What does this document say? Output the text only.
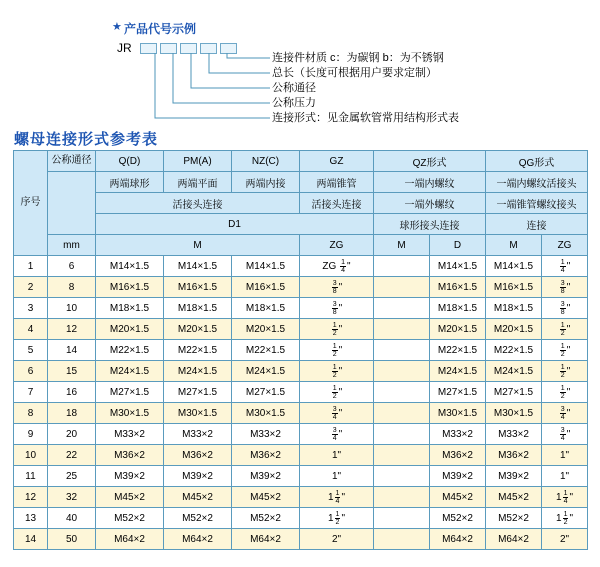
★ 产品代号示例
JR
连接件材质 c：为碳钢 b：为不锈钢
总长（长度可根据用户要求定制）
公称通径
公称压力
连接形式：见金属软管常用结构形式表
螺母连接形式参考表
序号	公称通径	Q(D)	PM(A)	NZ(C)	GZ	QZ形式		QG形式	
		两端球形	两端平面	两端内接	两端锥管	一端内螺纹		一端内螺纹活接头	
		活接头连接			活接头连接	一端外螺纹		一端锥管螺纹接头	
		D1				球形接头连接		连接	
	mm	M			ZG	M	D	M	ZG
1	6	M14×1.5	M14×1.5	M14×1.5	ZG $\frac{1}{4}$ "		M14×1.5	M14×1.5	$\frac{1}{4}$ "
2	8	M16×1.5	M16×1.5	M16×1.5	$\frac{3}{8}$ "		M16×1.5	M16×1.5	$\frac{3}{8}$ "
3	10	M18×1.5	M18×1.5	M18×1.5	$\frac{3}{8}$ "		M18×1.5	M18×1.5	$\frac{3}{8}$ "
4	12	M20×1.5	M20×1.5	M20×1.5	$\frac{1}{2}$ "		M20×1.5	M20×1.5	$\frac{1}{2}$ "
5	14	M22×1.5	M22×1.5	M22×1.5	$\frac{1}{2}$ "		M22×1.5	M22×1.5	$\frac{1}{2}$ "
6	15	M24×1.5	M24×1.5	M24×1.5	$\frac{1}{2}$ "		M24×1.5	M24×1.5	$\frac{1}{2}$ "
7	16	M27×1.5	M27×1.5	M27×1.5	$\frac{1}{2}$ "		M27×1.5	M27×1.5	$\frac{1}{2}$ "
8	18	M30×1.5	M30×1.5	M30×1.5	$\frac{3}{4}$ "		M30×1.5	M30×1.5	$\frac{3}{4}$ "
9	20	M33×2	M33×2	M33×2	$\frac{3}{4}$ "		M33×2	M33×2	$\frac{3}{4}$ "
10	22	M36×2	M36×2	M36×2	1"		M36×2	M36×2	1"
11	25	M39×2	M39×2	M39×2	1"		M39×2	M39×2	1"
12	32	M45×2	M45×2	M45×2	$1 \frac{1}{4}$ "		M45×2	M45×2	$1 \frac{1}{4}$ "
13	40	M52×2	M52×2	M52×2	$1 \frac{1}{2}$ "		M52×2	M52×2	$1 \frac{1}{2}$ "
14	50	M64×2	M64×2	M64×2	2"		M64×2	M64×2	2"
